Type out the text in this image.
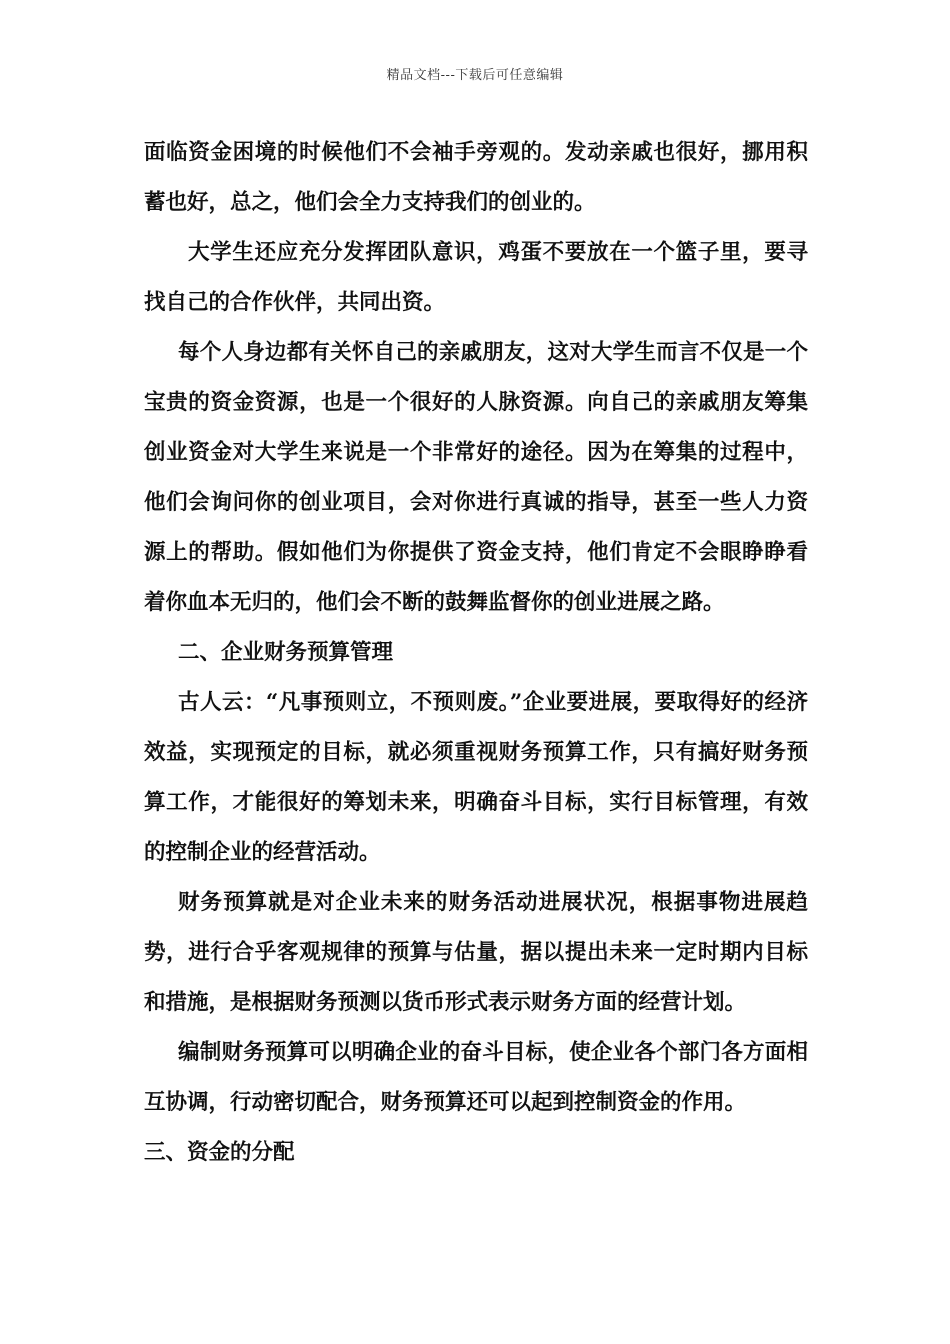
精品文档---下载后可任意编辑

面临资金困境的时候他们不会袖手旁观的。发动亲戚也很好，挪用积蓄也好，总之，他们会全力支持我们的创业的。

大学生还应充分发挥团队意识，鸡蛋不要放在一个篮子里，要寻找自己的合作伙伴，共同出资。

每个人身边都有关怀自己的亲戚朋友，这对大学生而言不仅是一个宝贵的资金资源，也是一个很好的人脉资源。向自己的亲戚朋友筹集创业资金对大学生来说是一个非常好的途径。因为在筹集的过程中，他们会询问你的创业项目，会对你进行真诚的指导，甚至一些人力资源上的帮助。假如他们为你提供了资金支持，他们肯定不会眼睁睁看着你血本无归的，他们会不断的鼓舞监督你的创业进展之路。

二、企业财务预算管理

古人云：“凡事预则立，不预则废。”企业要进展，要取得好的经济效益，实现预定的目标，就必须重视财务预算工作，只有搞好财务预算工作，才能很好的筹划未来，明确奋斗目标，实行目标管理，有效的控制企业的经营活动。

财务预算就是对企业未来的财务活动进展状况，根据事物进展趋势，进行合乎客观规律的预算与估量，据以提出未来一定时期内目标和措施，是根据财务预测以货币形式表示财务方面的经营计划。

编制财务预算可以明确企业的奋斗目标，使企业各个部门各方面相互协调，行动密切配合，财务预算还可以起到控制资金的作用。

三、资金的分配
